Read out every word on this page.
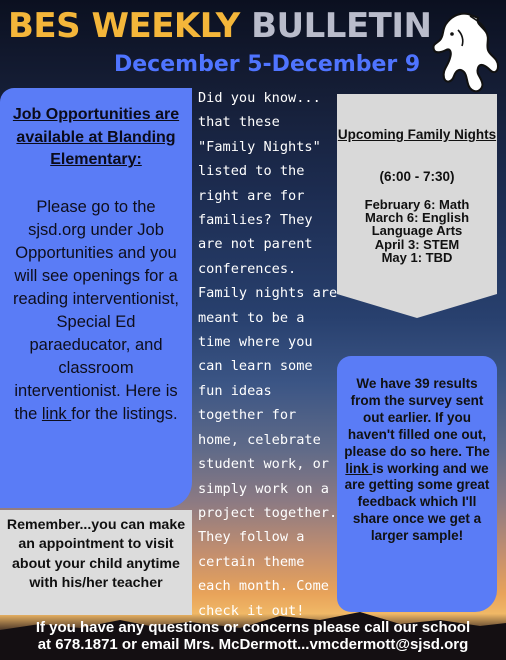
BES WEEKLY BULLETIN
December 5-December 9
Job Opportunities are available at Blanding Elementary:
Please go to the sjsd.org under Job Opportunities and you will see openings for a reading interventionist, Special Ed paraeducator, and classroom interventionist. Here is the link for the listings.
Remember...you can make an appointment to visit about your child anytime with his/her teacher
Did you know...
that these "Family Nights" listed to the right are for families? They are not parent conferences. Family nights are meant to be a time where you can learn some fun ideas together for home, celebrate student work, or simply work on a project together. They follow a certain theme each month. Come check it out!
Upcoming Family Nights
(6:00 - 7:30)
February 6: Math
March 6: English Language Arts
April 3: STEM
May 1: TBD
We have 39 results from the survey sent out earlier. If you haven't filled one out, please do so here. The link is working and we are getting some great feedback which I'll share once we get a larger sample!
If you have any questions or concerns please call our school
at 678.1871 or email Mrs. McDermott...vmcdermott@sjsd.org
